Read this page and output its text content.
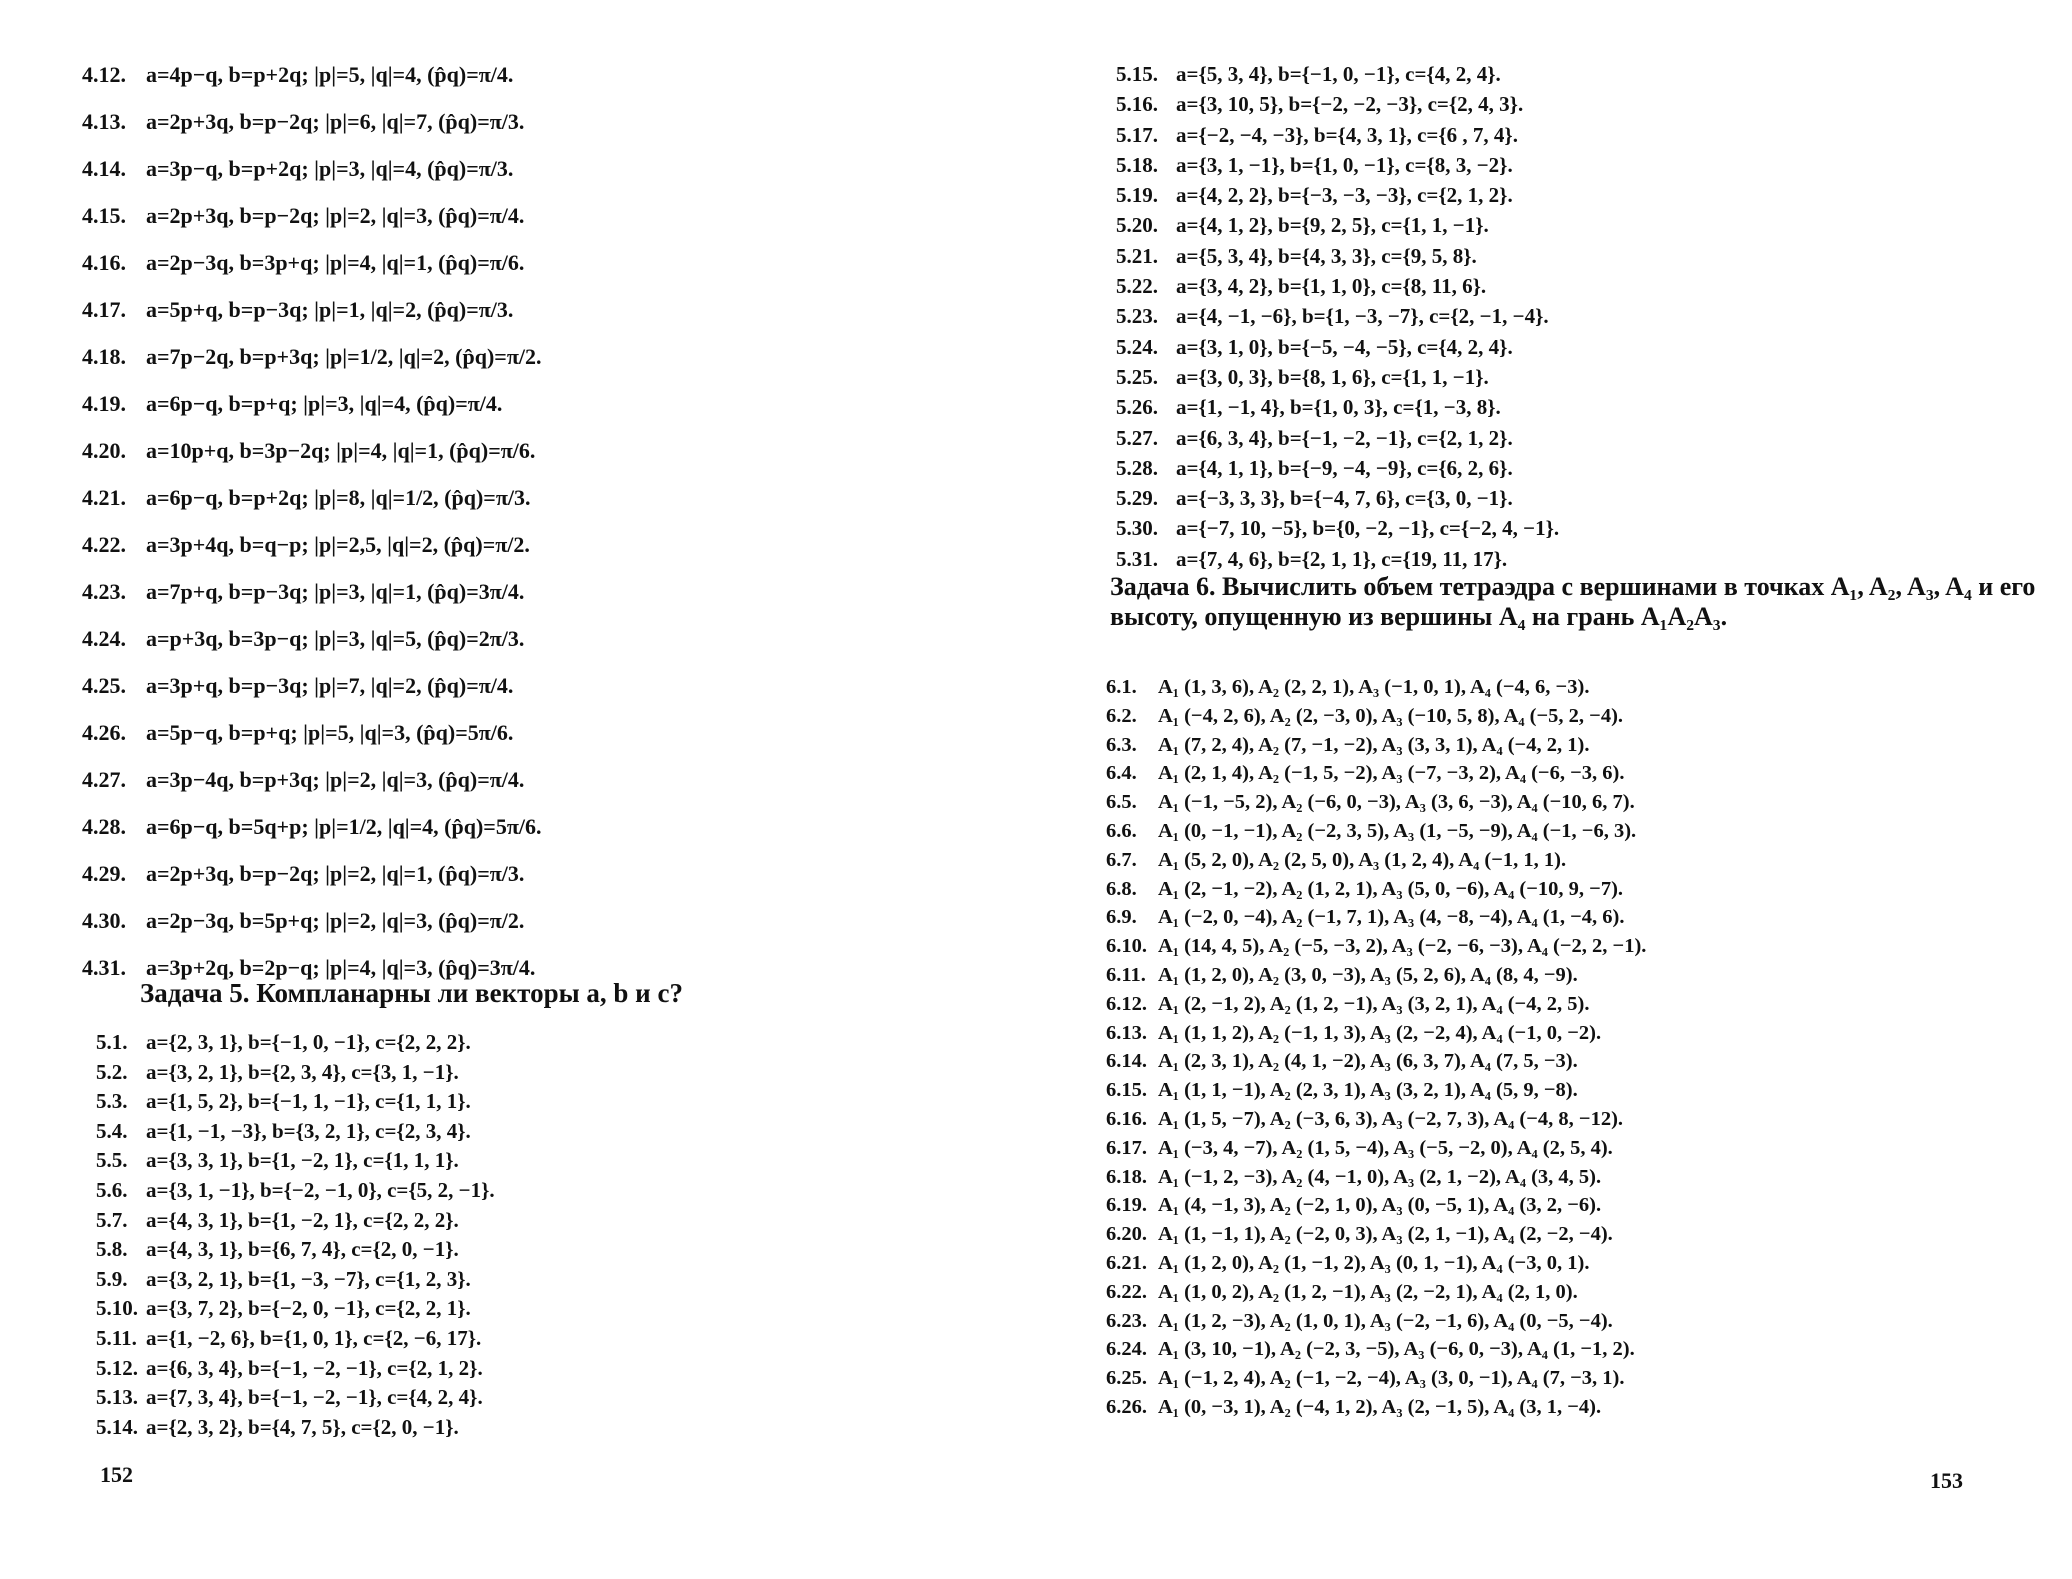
4.12. a=4p−q, b=p+2q; |p|=5, |q|=4, (p̂q)=π/4.
4.13. a=2p+3q, b=p−2q; |p|=6, |q|=7, (p̂q)=π/3.
4.14. a=3p−q, b=p+2q; |p|=3, |q|=4, (p̂q)=π/3.
4.15. a=2p+3q, b=p−2q; |p|=2, |q|=3, (p̂q)=π/4.
4.16. a=2p−3q, b=3p+q; |p|=4, |q|=1, (p̂q)=π/6.
4.17. a=5p+q, b=p−3q; |p|=1, |q|=2, (p̂q)=π/3.
4.18. a=7p−2q, b=p+3q; |p|=1/2, |q|=2, (p̂q)=π/2.
4.19. a=6p−q, b=p+q; |p|=3, |q|=4, (p̂q)=π/4.
4.20. a=10p+q, b=3p−2q; |p|=4, |q|=1, (p̂q)=π/6.
4.21. a=6p−q, b=p+2q; |p|=8, |q|=1/2, (p̂q)=π/3.
4.22. a=3p+4q, b=q−p; |p|=2,5, |q|=2, (p̂q)=π/2.
4.23. a=7p+q, b=p−3q; |p|=3, |q|=1, (p̂q)=3π/4.
4.24. a=p+3q, b=3p−q; |p|=3, |q|=5, (p̂q)=2π/3.
4.25. a=3p+q, b=p−3q; |p|=7, |q|=2, (p̂q)=π/4.
4.26. a=5p−q, b=p+q; |p|=5, |q|=3, (p̂q)=5π/6.
4.27. a=3p−4q, b=p+3q; |p|=2, |q|=3, (p̂q)=π/4.
4.28. a=6p−q, b=5q+p; |p|=1/2, |q|=4, (p̂q)=5π/6.
4.29. a=2p+3q, b=p−2q; |p|=2, |q|=1, (p̂q)=π/3.
4.30. a=2p−3q, b=5p+q; |p|=2, |q|=3, (p̂q)=π/2.
4.31. a=3p+2q, b=2p−q; |p|=4, |q|=3, (p̂q)=3π/4.
Задача 5. Компланарны ли векторы a, b и c?
5.1. a={2, 3, 1}, b={−1, 0, −1}, c={2, 2, 2}.
5.2. a={3, 2, 1}, b={2, 3, 4}, c={3, 1, −1}.
5.3. a={1, 5, 2}, b={−1, 1, −1}, c={1, 1, 1}.
5.4. a={1, −1, −3}, b={3, 2, 1}, c={2, 3, 4}.
5.5. a={3, 3, 1}, b={1, −2, 1}, c={1, 1, 1}.
5.6. a={3, 1, −1}, b={−2, −1, 0}, c={5, 2, −1}.
5.7. a={4, 3, 1}, b={1, −2, 1}, c={2, 2, 2}.
5.8. a={4, 3, 1}, b={6, 7, 4}, c={2, 0, −1}.
5.9. a={3, 2, 1}, b={1, −3, −7}, c={1, 2, 3}.
5.10. a={3, 7, 2}, b={−2, 0, −1}, c={2, 2, 1}.
5.11. a={1, −2, 6}, b={1, 0, 1}, c={2, −6, 17}.
5.12. a={6, 3, 4}, b={−1, −2, −1}, c={2, 1, 2}.
5.13. a={7, 3, 4}, b={−1, −2, −1}, c={4, 2, 4}.
5.14. a={2, 3, 2}, b={4, 7, 5}, c={2, 0, −1}.
152
5.15. a={5, 3, 4}, b={−1, 0, −1}, c={4, 2, 4}.
5.16. a={3, 10, 5}, b={−2, −2, −3}, c={2, 4, 3}.
5.17. a={−2, −4, −3}, b={4, 3, 1}, c={6 , 7, 4}.
5.18. a={3, 1, −1}, b={1, 0, −1}, c={8, 3, −2}.
5.19. a={4, 2, 2}, b={−3, −3, −3}, c={2, 1, 2}.
5.20. a={4, 1, 2}, b={9, 2, 5}, c={1, 1, −1}.
5.21. a={5, 3, 4}, b={4, 3, 3}, c={9, 5, 8}.
5.22. a={3, 4, 2}, b={1, 1, 0}, c={8, 11, 6}.
5.23. a={4, −1, −6}, b={1, −3, −7}, c={2, −1, −4}.
5.24. a={3, 1, 0}, b={−5, −4, −5}, c={4, 2, 4}.
5.25. a={3, 0, 3}, b={8, 1, 6}, c={1, 1, −1}.
5.26. a={1, −1, 4}, b={1, 0, 3}, c={1, −3, 8}.
5.27. a={6, 3, 4}, b={−1, −2, −1}, c={2, 1, 2}.
5.28. a={4, 1, 1}, b={−9, −4, −9}, c={6, 2, 6}.
5.29. a={−3, 3, 3}, b={−4, 7, 6}, c={3, 0, −1}.
5.30. a={−7, 10, −5}, b={0, −2, −1}, c={−2, 4, −1}.
5.31. a={7, 4, 6}, b={2, 1, 1}, c={19, 11, 17}.
Задача 6. Вычислить объем тетраэдра с вершинами в точках A₁, A₂, A₃, A₄ и его высоту, опущенную из вершины A₄ на грань A₁A₂A₃.
6.1.	A₁ (1, 3, 6), A₂ (2, 2, 1), A₃ (−1, 0, 1), A₄ (−4, 6, −3).
6.2.	A₁ (−4, 2, 6), A₂ (2, −3, 0), A₃ (−10, 5, 8), A₄ (−5, 2, −4).
6.3.	A₁ (7, 2, 4), A₂ (7, −1, −2), A₃ (3, 3, 1), A₄ (−4, 2, 1).
6.4.	A₁ (2, 1, 4), A₂ (−1, 5, −2), A₃ (−7, −3, 2), A₄ (−6, −3, 6).
6.5.	A₁ (−1, −5, 2), A₂ (−6, 0, −3), A₃ (3, 6, −3), A₄ (−10, 6, 7).
6.6.	A₁ (0, −1, −1), A₂ (−2, 3, 5), A₃ (1, −5, −9), A₄ (−1, −6, 3).
6.7.	A₁ (5, 2, 0), A₂ (2, 5, 0), A₃ (1, 2, 4), A₄ (−1, 1, 1).
6.8.	A₁ (2, −1, −2), A₂ (1, 2, 1), A₃ (5, 0, −6), A₄ (−10, 9, −7).
6.9.	A₁ (−2, 0, −4), A₂ (−1, 7, 1), A₃ (4, −8, −4), A₄ (1, −4, 6).
6.10. A₁ (14, 4, 5), A₂ (−5, −3, 2), A₃ (−2, −6, −3), A₄ (−2, 2, −1).
6.11. A₁ (1, 2, 0), A₂ (3, 0, −3), A₃ (5, 2, 6), A₄ (8, 4, −9).
6.12. A₁ (2, −1, 2), A₂ (1, 2, −1), A₃ (3, 2, 1), A₄ (−4, 2, 5).
6.13. A₁ (1, 1, 2), A₂ (−1, 1, 3), A₃ (2, −2, 4), A₄ (−1, 0, −2).
6.14. A₁ (2, 3, 1), A₂ (4, 1, −2), A₃ (6, 3, 7), A₄ (7, 5, −3).
6.15. A₁ (1, 1, −1), A₂ (2, 3, 1), A₃ (3, 2, 1), A₄ (5, 9, −8).
6.16. A₁ (1, 5, −7), A₂ (−3, 6, 3), A₃ (−2, 7, 3), A₄ (−4, 8, −12).
6.17. A₁ (−3, 4, −7), A₂ (1, 5, −4), A₃ (−5, −2, 0), A₄ (2, 5, 4).
6.18. A₁ (−1, 2, −3), A₂ (4, −1, 0), A₃ (2, 1, −2), A₄ (3, 4, 5).
6.19. A₁ (4, −1, 3), A₂ (−2, 1, 0), A₃ (0, −5, 1), A₄ (3, 2, −6).
6.20. A₁ (1, −1, 1), A₂ (−2, 0, 3), A₃ (2, 1, −1), A₄ (2, −2, −4).
6.21. A₁ (1, 2, 0), A₂ (1, −1, 2), A₃ (0, 1, −1), A₄ (−3, 0, 1).
6.22. A₁ (1, 0, 2), A₂ (1, 2, −1), A₃ (2, −2, 1), A₄ (2, 1, 0).
6.23. A₁ (1, 2, −3), A₂ (1, 0, 1), A₃ (−2, −1, 6), A₄ (0, −5, −4).
6.24. A₁ (3, 10, −1), A₂ (−2, 3, −5), A₃ (−6, 0, −3), A₄ (1, −1, 2).
6.25. A₁ (−1, 2, 4), A₂ (−1, −2, −4), A₃ (3, 0, −1), A₄ (7, −3, 1).
6.26. A₁ (0, −3, 1), A₂ (−4, 1, 2), A₃ (2, −1, 5), A₄ (3, 1, −4).
153
